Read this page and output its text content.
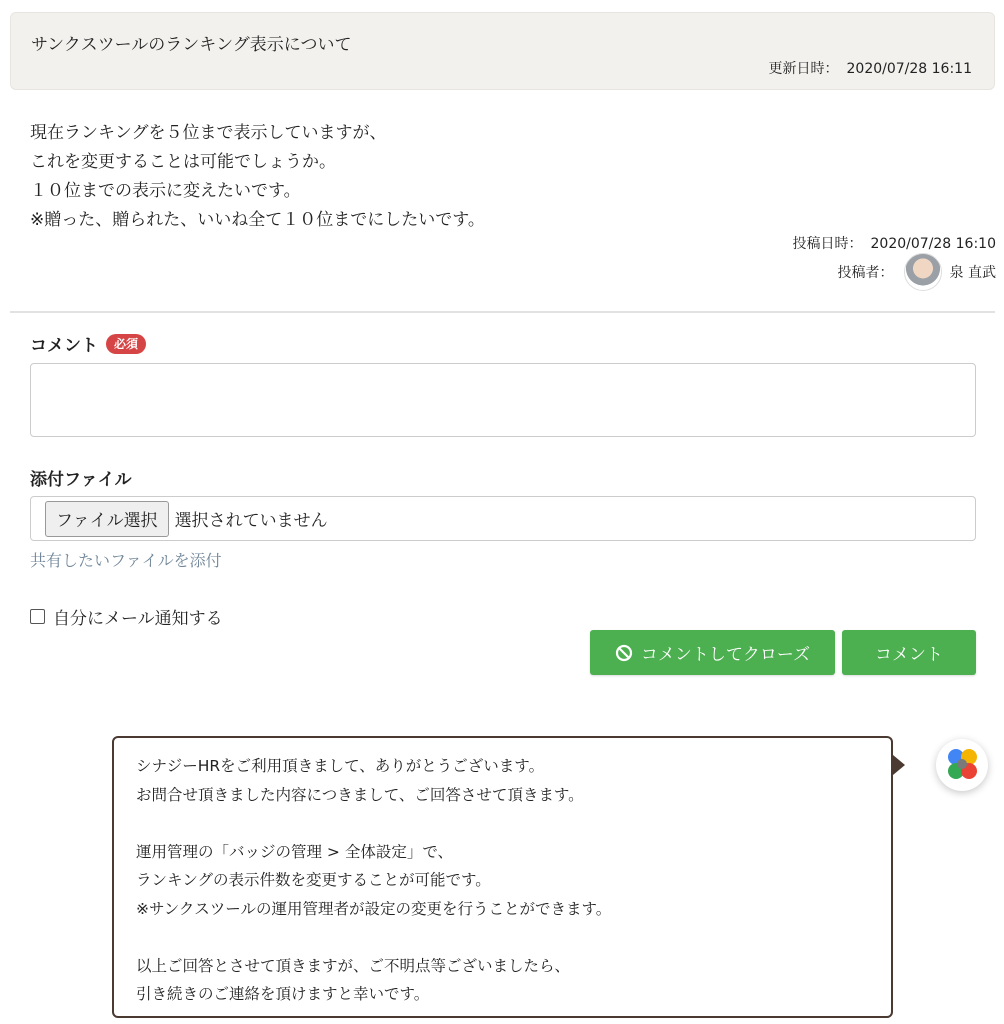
サンクスツールのランキング表示について
更新日時： 2020/07/28 16:11
現在ランキングを５位まで表示していますが、
これを変更することは可能でしょうか。
１０位までの表示に変えたいです。
※贈った、贈られた、いいね全て１０位までにしたいです。
投稿日時： 2020/07/28 16:10
投稿者：	泉 直武
コメント	必須
添付ファイル
ファイル選択	選択されていません
共有したいファイルを添付
自分にメール通知する
コメントしてクローズ	コメント
シナジーHRをご利用頂きまして、ありがとうございます。
お問合せ頂きました内容につきまして、ご回答させて頂きます。
運用管理の「バッジの管理 > 全体設定」で、
ランキングの表示件数を変更することが可能です。
※サンクスツールの運用管理者が設定の変更を行うことができます。
以上ご回答とさせて頂きますが、ご不明点等ございましたら、
引き続きのご連絡を頂けますと幸いです。
